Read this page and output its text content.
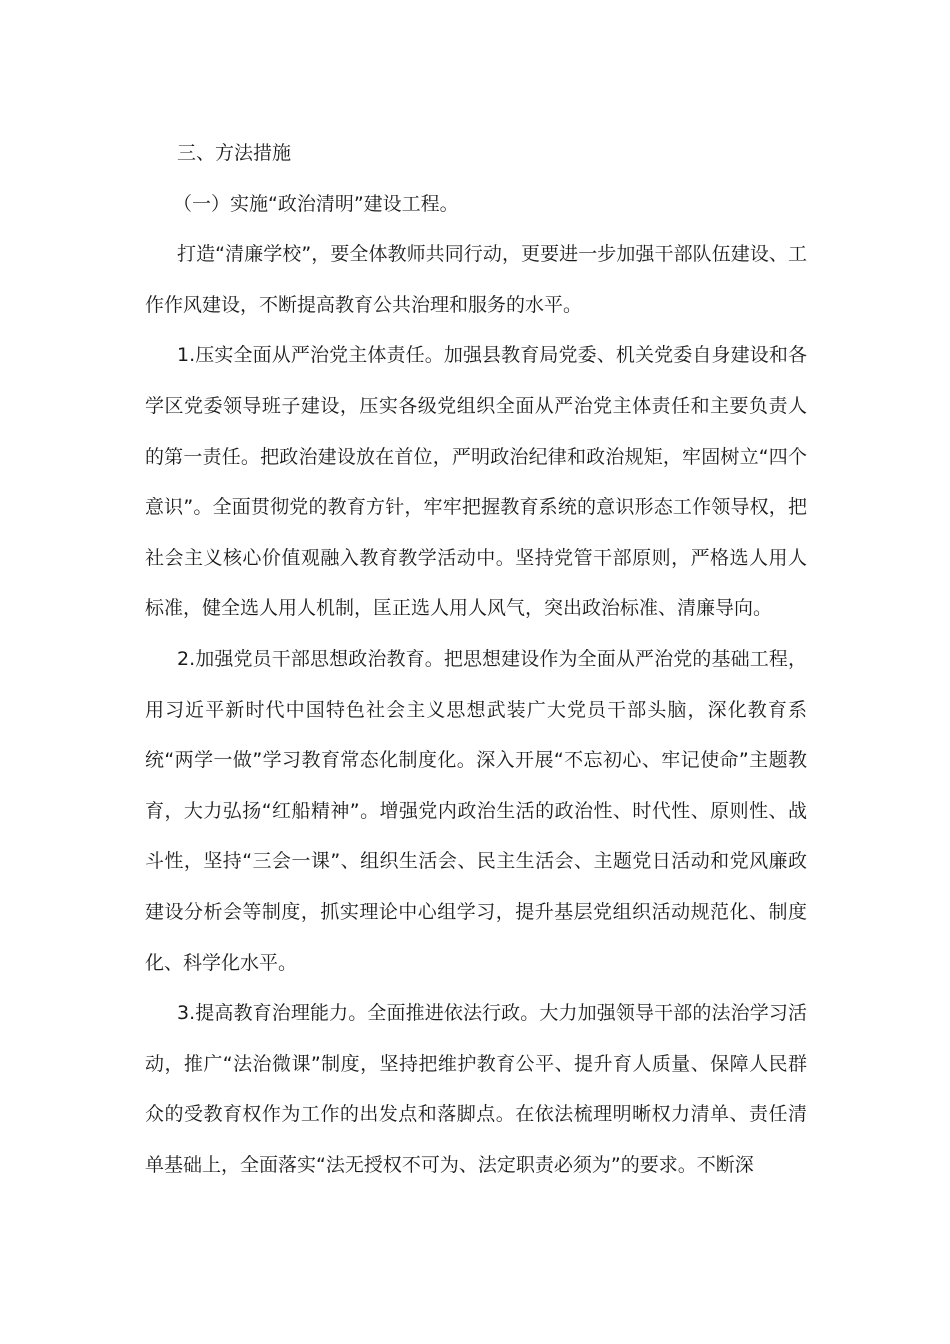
三、方法措施

（一）实施“政治清明”建设工程。

打造“清廉学校”，要全体教师共同行动，更要进一步加强干部队伍建设、工作作风建设，不断提高教育公共治理和服务的水平。

1.压实全面从严治党主体责任。加强县教育局党委、机关党委自身建设和各学区党委领导班子建设，压实各级党组织全面从严治党主体责任和主要负责人的第一责任。把政治建设放在首位，严明政治纪律和政治规矩，牢固树立“四个意识”。全面贯彻党的教育方针，牢牢把握教育系统的意识形态工作领导权，把社会主义核心价值观融入教育教学活动中。坚持党管干部原则，严格选人用人标准，健全选人用人机制，匡正选人用人风气，突出政治标准、清廉导向。

2.加强党员干部思想政治教育。把思想建设作为全面从严治党的基础工程，用习近平新时代中国特色社会主义思想武装广大党员干部头脑，深化教育系统“两学一做”学习教育常态化制度化。深入开展“不忘初心、牢记使命”主题教育，大力弘扬“红船精神”。增强党内政治生活的政治性、时代性、原则性、战斗性，坚持“三会一课”、组织生活会、民主生活会、主题党日活动和党风廉政建设分析会等制度，抓实理论中心组学习，提升基层党组织活动规范化、制度化、科学化水平。

3.提高教育治理能力。全面推进依法行政。大力加强领导干部的法治学习活动，推广“法治微课”制度，坚持把维护教育公平、提升育人质量、保障人民群众的受教育权作为工作的出发点和落脚点。在依法梳理明晰权力清单、责任清单基础上，全面落实“法无授权不可为、法定职责必须为”的要求。不断深
